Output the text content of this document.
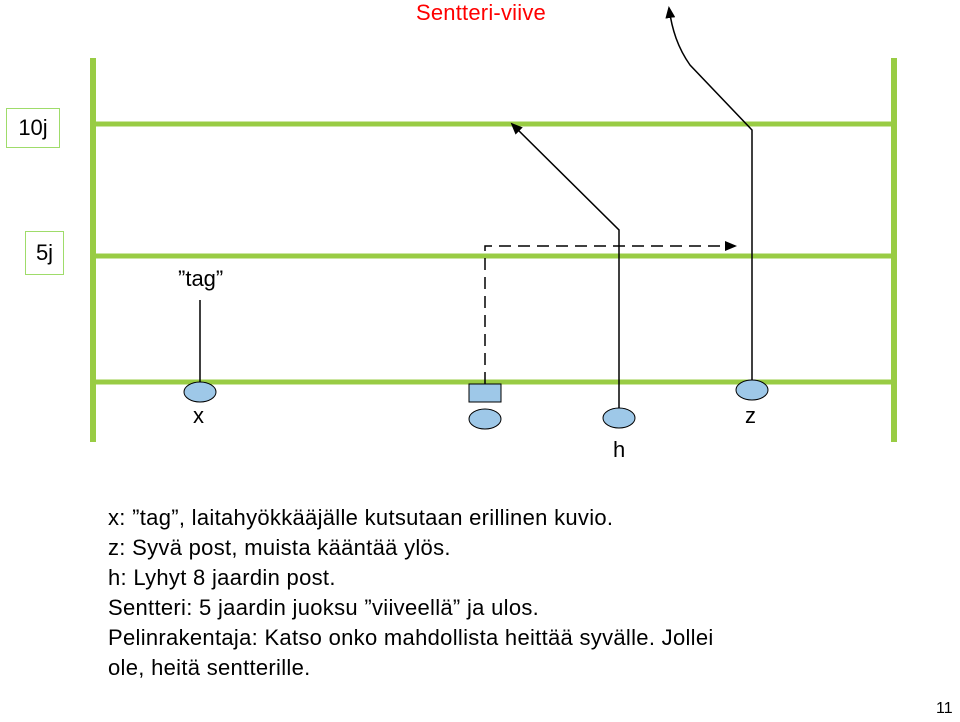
Sentteri-viive
10j
5j
”tag”
x
h
z
x: ”tag”, laitahyökkääjälle kutsutaan erillinen kuvio.
z: Syvä post, muista kääntää ylös.
h: Lyhyt 8 jaardin post.
Sentteri: 5 jaardin juoksu ”viiveellä” ja ulos.
Pelinrakentaja: Katso onko mahdollista heittää syvälle. Jollei
ole, heitä sentterille.
11
